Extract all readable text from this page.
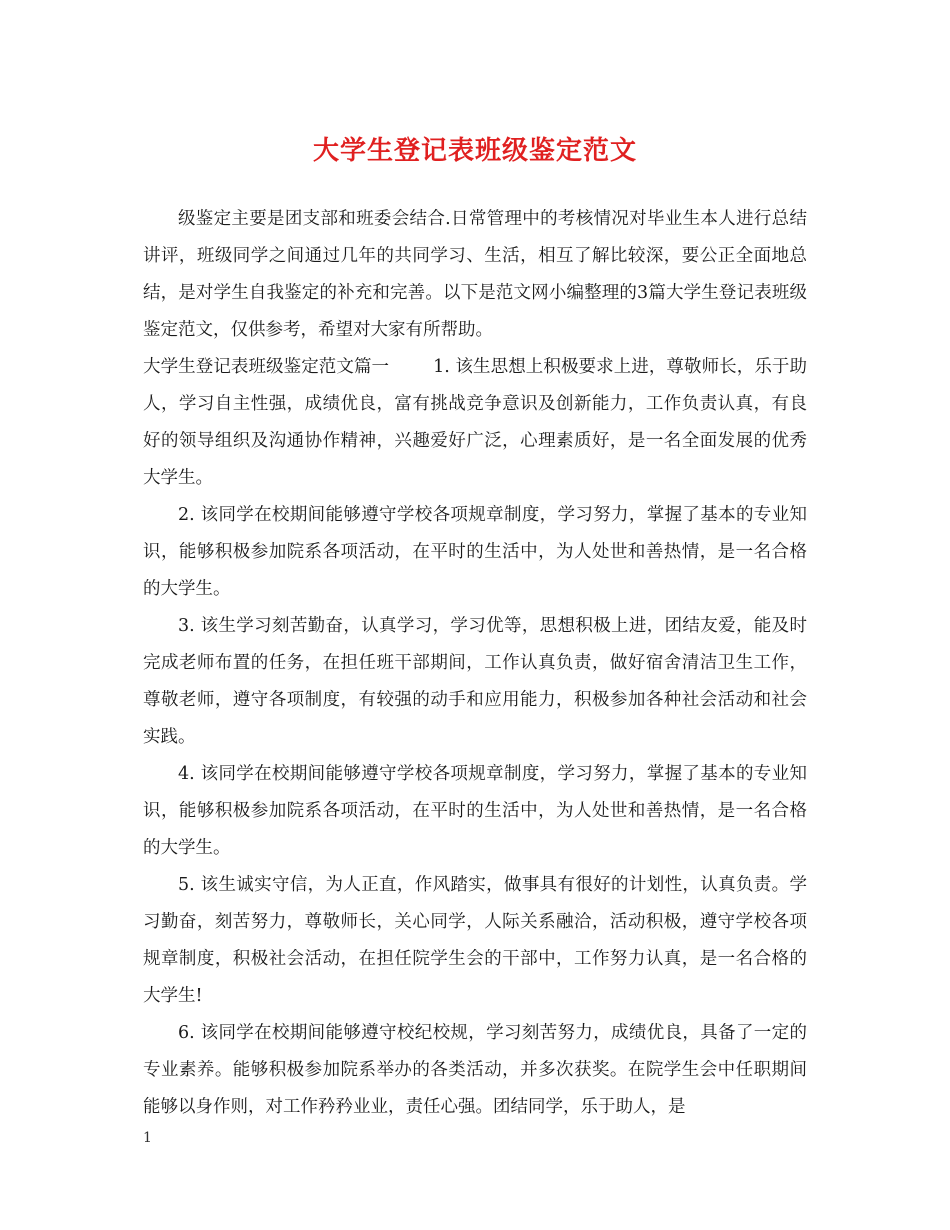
大学生登记表班级鉴定范文

级鉴定主要是团支部和班委会结合.日常管理中的考核情况对毕业生本人进行总结讲评，班级同学之间通过几年的共同学习、生活，相互了解比较深，要公正全面地总结，是对学生自我鉴定的补充和完善。以下是范文网小编整理的3篇大学生登记表班级鉴定范文，仅供参考，希望对大家有所帮助。

大学生登记表班级鉴定范文篇一	1. 该生思想上积极要求上进，尊敬师长，乐于助人，学习自主性强，成绩优良，富有挑战竞争意识及创新能力，工作负责认真，有良好的领导组织及沟通协作精神，兴趣爱好广泛，心理素质好，是一名全面发展的优秀大学生。

2. 该同学在校期间能够遵守学校各项规章制度，学习努力，掌握了基本的专业知识，能够积极参加院系各项活动，在平时的生活中，为人处世和善热情，是一名合格的大学生。

3. 该生学习刻苦勤奋，认真学习，学习优等，思想积极上进，团结友爱，能及时完成老师布置的任务，在担任班干部期间，工作认真负责，做好宿舍清洁卫生工作，尊敬老师，遵守各项制度，有较强的动手和应用能力，积极参加各种社会活动和社会实践。

4. 该同学在校期间能够遵守学校各项规章制度，学习努力，掌握了基本的专业知识，能够积极参加院系各项活动，在平时的生活中，为人处世和善热情，是一名合格的大学生。

5. 该生诚实守信，为人正直，作风踏实，做事具有很好的计划性，认真负责。学习勤奋，刻苦努力，尊敬师长，关心同学，人际关系融洽，活动积极，遵守学校各项规章制度，积极社会活动，在担任院学生会的干部中，工作努力认真，是一名合格的大学生!

6. 该同学在校期间能够遵守校纪校规，学习刻苦努力，成绩优良，具备了一定的专业素养。能够积极参加院系举办的各类活动，并多次获奖。在院学生会中任职期间能够以身作则，对工作矜矜业业，责任心强。团结同学，乐于助人，是

1
